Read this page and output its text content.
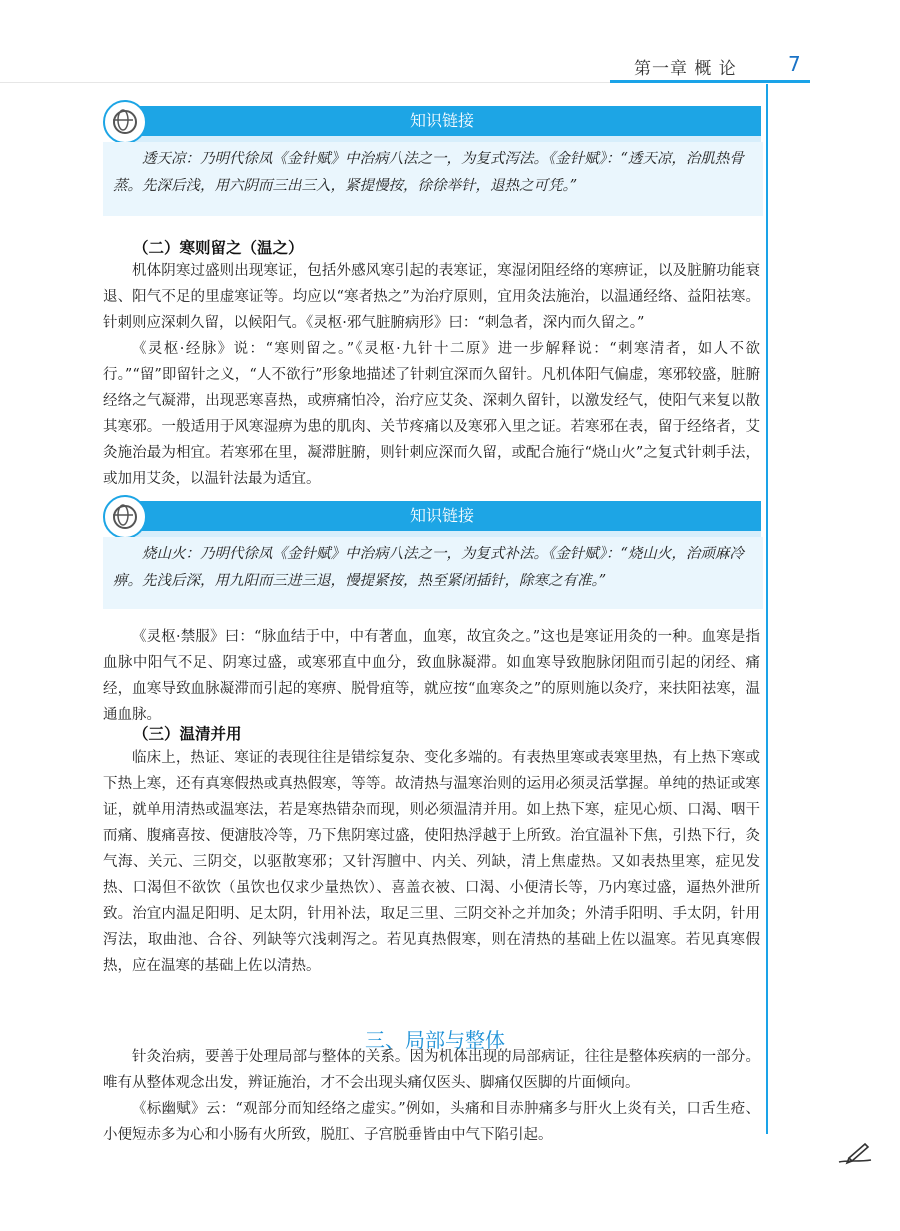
第一章 概 论	7
知识链接

透天凉：乃明代徐凤《金针赋》中治病八法之一，为复式泻法。《金针赋》：“透天凉，治肌热骨蒸。先深后浅，用六阴而三出三入，紧提慢按，徐徐举针，退热之可凭。”

（二）寒则留之（温之）

机体阴寒过盛则出现寒证，包括外感风寒引起的表寒证，寒湿闭阻经络的寒痹证，以及脏腑功能衰退、阳气不足的里虚寒证等。均应以“寒者热之”为治疗原则，宜用灸法施治，以温通经络、益阳祛寒。针刺则应深刺久留，以候阳气。《灵枢·邪气脏腑病形》曰：“刺急者，深内而久留之。”

《灵枢·经脉》说：“寒则留之。”《灵枢·九针十二原》进一步解释说：“刺寒清者，如人不欲行。”“留”即留针之义，“人不欲行”形象地描述了针刺宜深而久留针。凡机体阳气偏虚，寒邪较盛，脏腑经络之气凝滞，出现恶寒喜热，或痹痛怕冷，治疗应艾灸、深刺久留针，以激发经气，使阳气来复以散其寒邪。一般适用于风寒湿痹为患的肌肉、关节疼痛以及寒邪入里之证。若寒邪在表，留于经络者，艾灸施治最为相宜。若寒邪在里，凝滞脏腑，则针刺应深而久留，或配合施行“烧山火”之复式针刺手法，或加用艾灸，以温针法最为适宜。

知识链接

烧山火：乃明代徐凤《金针赋》中治病八法之一，为复式补法。《金针赋》：“烧山火，治顽麻冷痹。先浅后深，用九阳而三进三退，慢提紧按，热至紧闭插针，除寒之有准。”

《灵枢·禁服》曰：“脉血结于中，中有著血，血寒，故宜灸之。”这也是寒证用灸的一种。血寒是指血脉中阳气不足、阴寒过盛，或寒邪直中血分，致血脉凝滞。如血寒导致胞脉闭阻而引起的闭经、痛经，血寒导致血脉凝滞而引起的寒痹、脱骨疽等，就应按“血寒灸之”的原则施以灸疗，来扶阳祛寒，温通血脉。

（三）温清并用

临床上，热证、寒证的表现往往是错综复杂、变化多端的。有表热里寒或表寒里热，有上热下寒或下热上寒，还有真寒假热或真热假寒，等等。故清热与温寒治则的运用必须灵活掌握。单纯的热证或寒证，就单用清热或温寒法，若是寒热错杂而现，则必须温清并用。如上热下寒，症见心烦、口渴、咽干而痛、腹痛喜按、便溏肢冷等，乃下焦阴寒过盛，使阳热浮越于上所致。治宜温补下焦，引热下行，灸气海、关元、三阴交，以驱散寒邪；又针泻膻中、内关、列缺，清上焦虚热。又如表热里寒，症见发热、口渴但不欲饮（虽饮也仅求少量热饮）、喜盖衣被、口渴、小便清长等，乃内寒过盛，逼热外泄所致。治宜内温足阳明、足太阴，针用补法，取足三里、三阴交补之并加灸；外清手阳明、手太阴，针用泻法，取曲池、合谷、列缺等穴浅刺泻之。若见真热假寒，则在清热的基础上佐以温寒。若见真寒假热，应在温寒的基础上佐以清热。

三、局部与整体

针灸治病，要善于处理局部与整体的关系。因为机体出现的局部病证，往往是整体疾病的一部分。唯有从整体观念出发，辨证施治，才不会出现头痛仅医头、脚痛仅医脚的片面倾向。

《标幽赋》云：“观部分而知经络之虚实。”例如，头痛和目赤肿痛多与肝火上炎有关，口舌生疮、小便短赤多为心和小肠有火所致，脱肛、子宫脱垂皆由中气下陷引起。
